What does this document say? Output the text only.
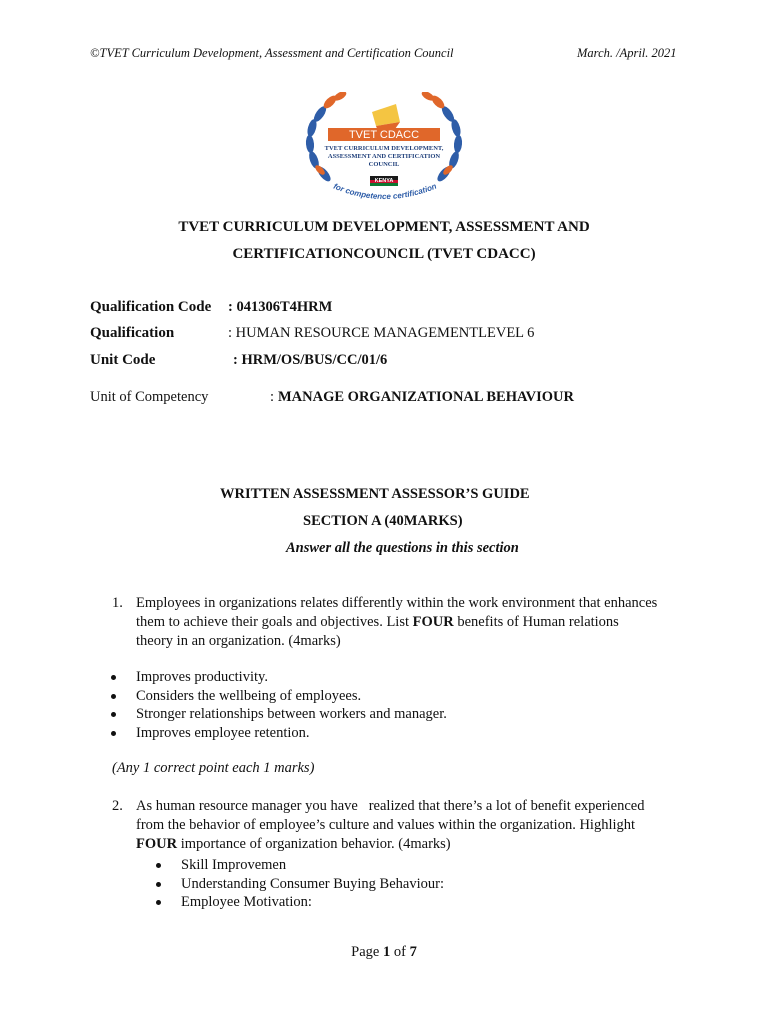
©TVET Curriculum Development, Assessment and Certification Council	March. /April. 2021
TVET CDACC
TVET CURRICULUM DEVELOPMENT,
ASSESSMENT AND CERTIFICATION
COUNCIL
KENYA
for competence certification
TVET CURRICULUM DEVELOPMENT, ASSESSMENT AND
CERTIFICATIONCOUNCIL (TVET CDACC)
Qualification Code : 041306T4HRM
Qualification	: HUMAN RESOURCE MANAGEMENTLEVEL 6
Unit Code	: HRM/OS/BUS/CC/01/6
Unit of Competency	: MANAGE ORGANIZATIONAL BEHAVIOUR
WRITTEN ASSESSMENT ASSESSOR’S GUIDE
SECTION A (40MARKS)
Answer all the questions in this section
1. Employees in organizations relates differently within the work environment that enhances
them to achieve their goals and objectives. List FOUR benefits of Human relations
theory in an organization. (4marks)
Improves productivity.
Considers the wellbeing of employees.
Stronger relationships between workers and manager.
Improves employee retention.
(Any 1 correct point each 1 marks)
2. As human resource manager you have   realized that there’s a lot of benefit experienced
from the behavior of employee’s culture and values within the organization. Highlight
FOUR importance of organization behavior. (4marks)
Skill Improvemen
Understanding Consumer Buying Behaviour:
Employee Motivation:
Page 1 of 7
